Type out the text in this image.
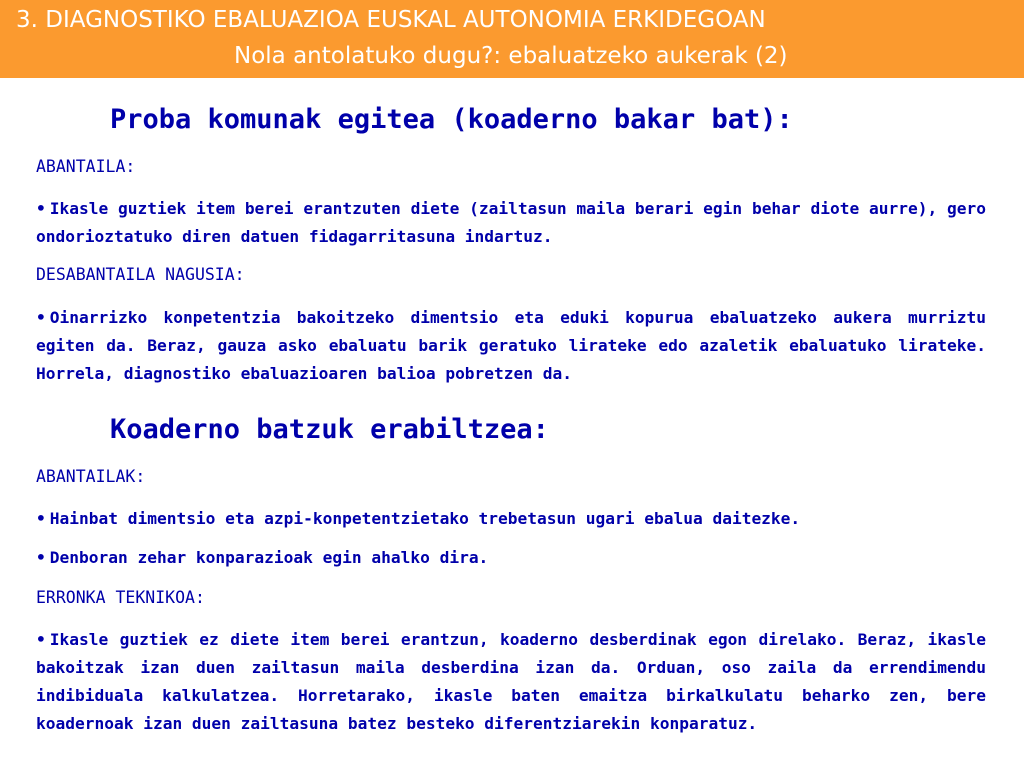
3. DIAGNOSTIKO EBALUAZIOA EUSKAL AUTONOMIA ERKIDEGOAN
Nola antolatuko dugu?: ebaluatzeko aukerak (2)
Proba komunak egitea (koaderno bakar bat):
ABANTAILA:
• Ikasle guztiek item berei erantzuten diete (zailtasun maila berari egin behar diote aurre), gero ondorioztatuko diren datuen fidagarritasuna indartuz.
DESABANTAILA NAGUSIA:
• Oinarrizko konpetentzia bakoitzeko dimentsio eta eduki kopurua ebaluatzeko aukera murriztu egiten da. Beraz, gauza asko ebaluatu barik geratuko lirateke edo azaletik ebaluatuko lirateke. Horrela, diagnostiko ebaluazioaren balioa pobretzen da.
Koaderno batzuk erabiltzea:
ABANTAILAK:
• Hainbat dimentsio eta azpi-konpetentzietako trebetasun ugari ebalua daitezke.
• Denboran zehar konparazioak egin ahalko dira.
ERRONKA TEKNIKOA:
• Ikasle guztiek ez diete item berei erantzun, koaderno desberdinak egon direlako. Beraz, ikasle bakoitzak izan duen zailtasun maila desberdina izan da. Orduan, oso zaila da errendimendu indibiduala kalkulatzea. Horretarako, ikasle baten emaitza birkalkulatu beharko zen, bere koadernoak izan duen zailtasuna batez besteko diferentziarekin konparatuz.
